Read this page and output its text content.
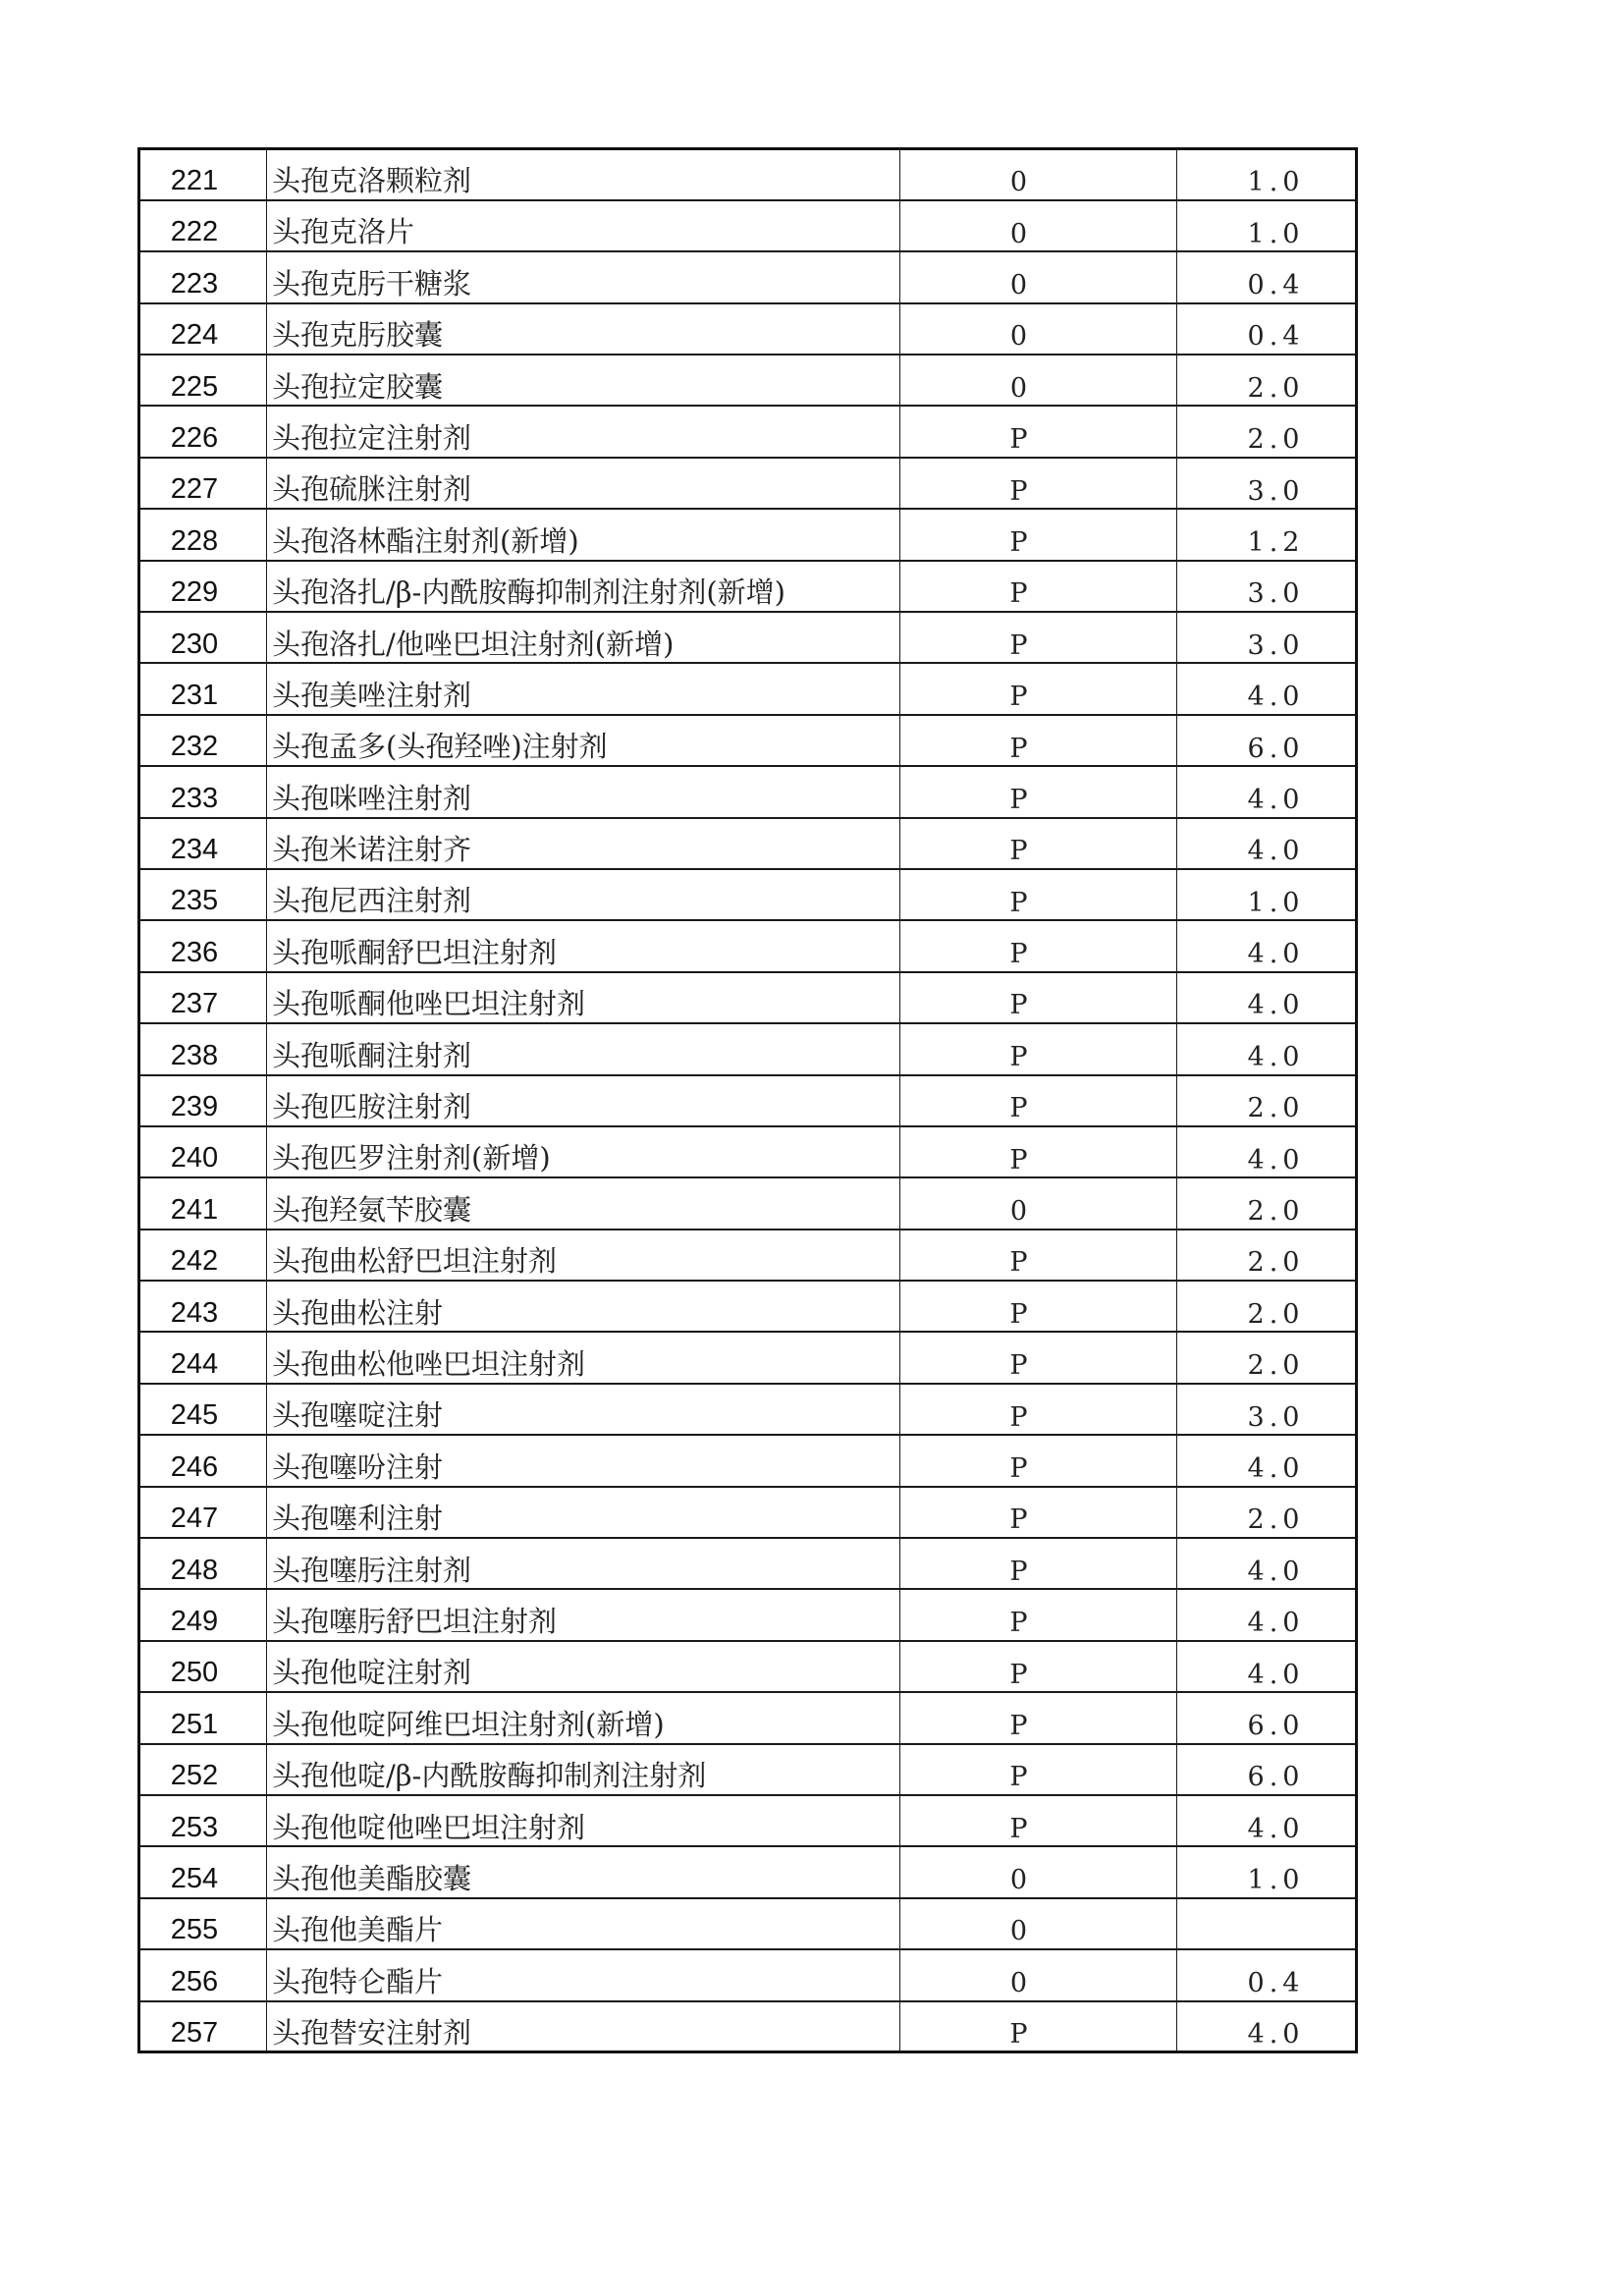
221	头孢克洛颗粒剂	0	1.0
222	头孢克洛片	0	1.0
223	头孢克肟干糖浆	0	0.4
224	头孢克肟胶囊	0	0.4
225	头孢拉定胶囊	0	2.0
226	头孢拉定注射剂	P	2.0
227	头孢硫脒注射剂	P	3.0
228	头孢洛林酯注射剂(新增)	P	1.2
229	头孢洛扎/β-内酰胺酶抑制剂注射剂(新增)	P	3.0
230	头孢洛扎/他唑巴坦注射剂(新增)	P	3.0
231	头孢美唑注射剂	P	4.0
232	头孢孟多(头孢羟唑)注射剂	P	6.0
233	头孢咪唑注射剂	P	4.0
234	头孢米诺注射齐	P	4.0
235	头孢尼西注射剂	P	1.0
236	头孢哌酮舒巴坦注射剂	P	4.0
237	头孢哌酮他唑巴坦注射剂	P	4.0
238	头孢哌酮注射剂	P	4.0
239	头孢匹胺注射剂	P	2.0
240	头孢匹罗注射剂(新增)	P	4.0
241	头孢羟氨苄胶囊	0	2.0
242	头孢曲松舒巴坦注射剂	P	2.0
243	头孢曲松注射	P	2.0
244	头孢曲松他唑巴坦注射剂	P	2.0
245	头孢噻啶注射	P	3.0
246	头孢噻吩注射	P	4.0
247	头孢噻利注射	P	2.0
248	头孢噻肟注射剂	P	4.0
249	头孢噻肟舒巴坦注射剂	P	4.0
250	头孢他啶注射剂	P	4.0
251	头孢他啶阿维巴坦注射剂(新增)	P	6.0
252	头孢他啶/β-内酰胺酶抑制剂注射剂	P	6.0
253	头孢他啶他唑巴坦注射剂	P	4.0
254	头孢他美酯胶囊	0	1.0
255	头孢他美酯片	0	
256	头孢特仑酯片	0	0.4
257	头孢替安注射剂	P	4.0
